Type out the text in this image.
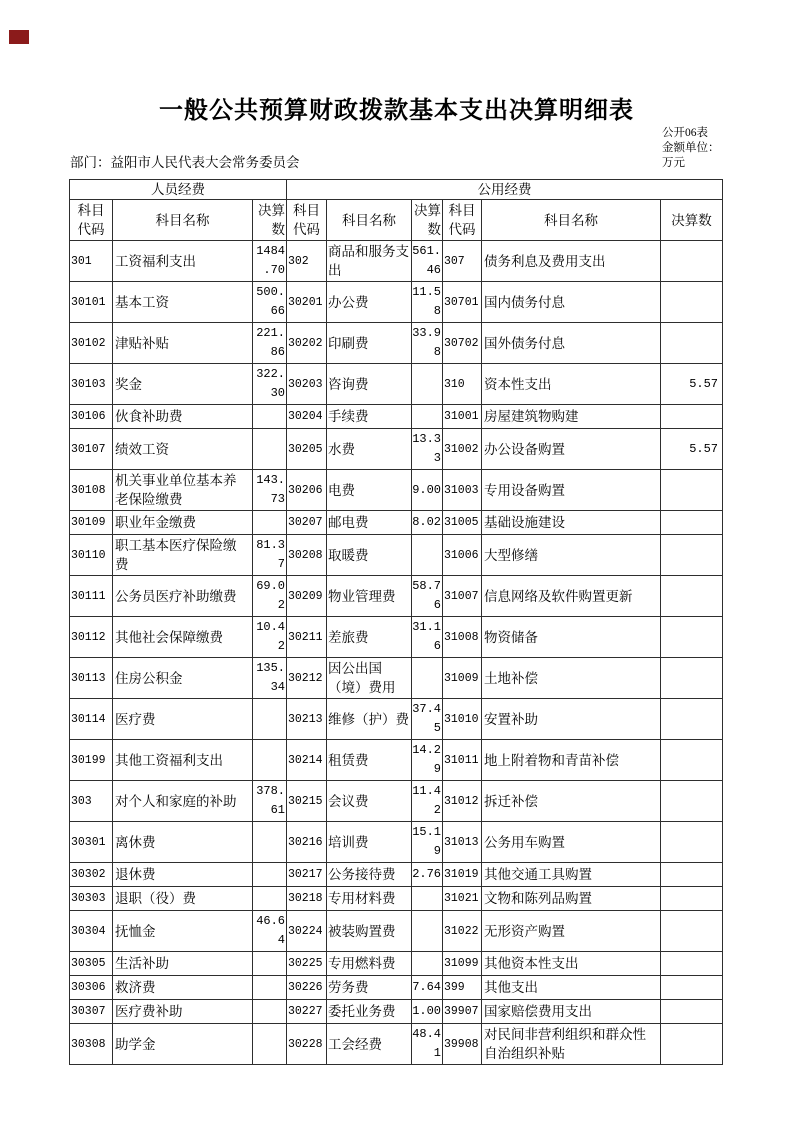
一般公共预算财政拨款基本支出决算明细表
公开06表
金额单位：万元
部门：益阳市人民代表大会常务委员会
人员经费			公用经费					
科目代码	科目名称	决算数	科目代码	科目名称	决算数	科目代码	科目名称	决算数
301	工资福利支出	1484.70	302	商品和服务支出	561.46	307	债务利息及费用支出	
30101	基本工资	500.66	30201	办公费	11.58	30701	国内债务付息	
30102	津贴补贴	221.86	30202	印刷费	33.98	30702	国外债务付息	
30103	奖金	322.30	30203	咨询费		310	资本性支出	5.57
30106	伙食补助费		30204	手续费		31001	房屋建筑物购建	
30107	绩效工资		30205	水费	13.33	31002	办公设备购置	5.57
30108	机关事业单位基本养老保险缴费	143.73	30206	电费	9.00	31003	专用设备购置	
30109	职业年金缴费		30207	邮电费	8.02	31005	基础设施建设	
30110	职工基本医疗保险缴费	81.37	30208	取暖费		31006	大型修缮	
30111	公务员医疗补助缴费	69.02	30209	物业管理费	58.76	31007	信息网络及软件购置更新	
30112	其他社会保障缴费	10.42	30211	差旅费	31.16	31008	物资储备	
30113	住房公积金	135.34	30212	因公出国（境）费用		31009	土地补偿	
30114	医疗费		30213	维修（护）费	37.45	31010	安置补助	
30199	其他工资福利支出		30214	租赁费	14.29	31011	地上附着物和青苗补偿	
303	对个人和家庭的补助	378.61	30215	会议费	11.42	31012	拆迁补偿	
30301	离休费		30216	培训费	15.19	31013	公务用车购置	
30302	退休费		30217	公务接待费	2.76	31019	其他交通工具购置	
30303	退职（役）费		30218	专用材料费		31021	文物和陈列品购置	
30304	抚恤金	46.64	30224	被装购置费		31022	无形资产购置	
30305	生活补助		30225	专用燃料费		31099	其他资本性支出	
30306	救济费		30226	劳务费	7.64	399	其他支出	
30307	医疗费补助		30227	委托业务费	1.00	39907	国家赔偿费用支出	
30308	助学金		30228	工会经费	48.41	39908	对民间非营利组织和群众性自治组织补贴	
